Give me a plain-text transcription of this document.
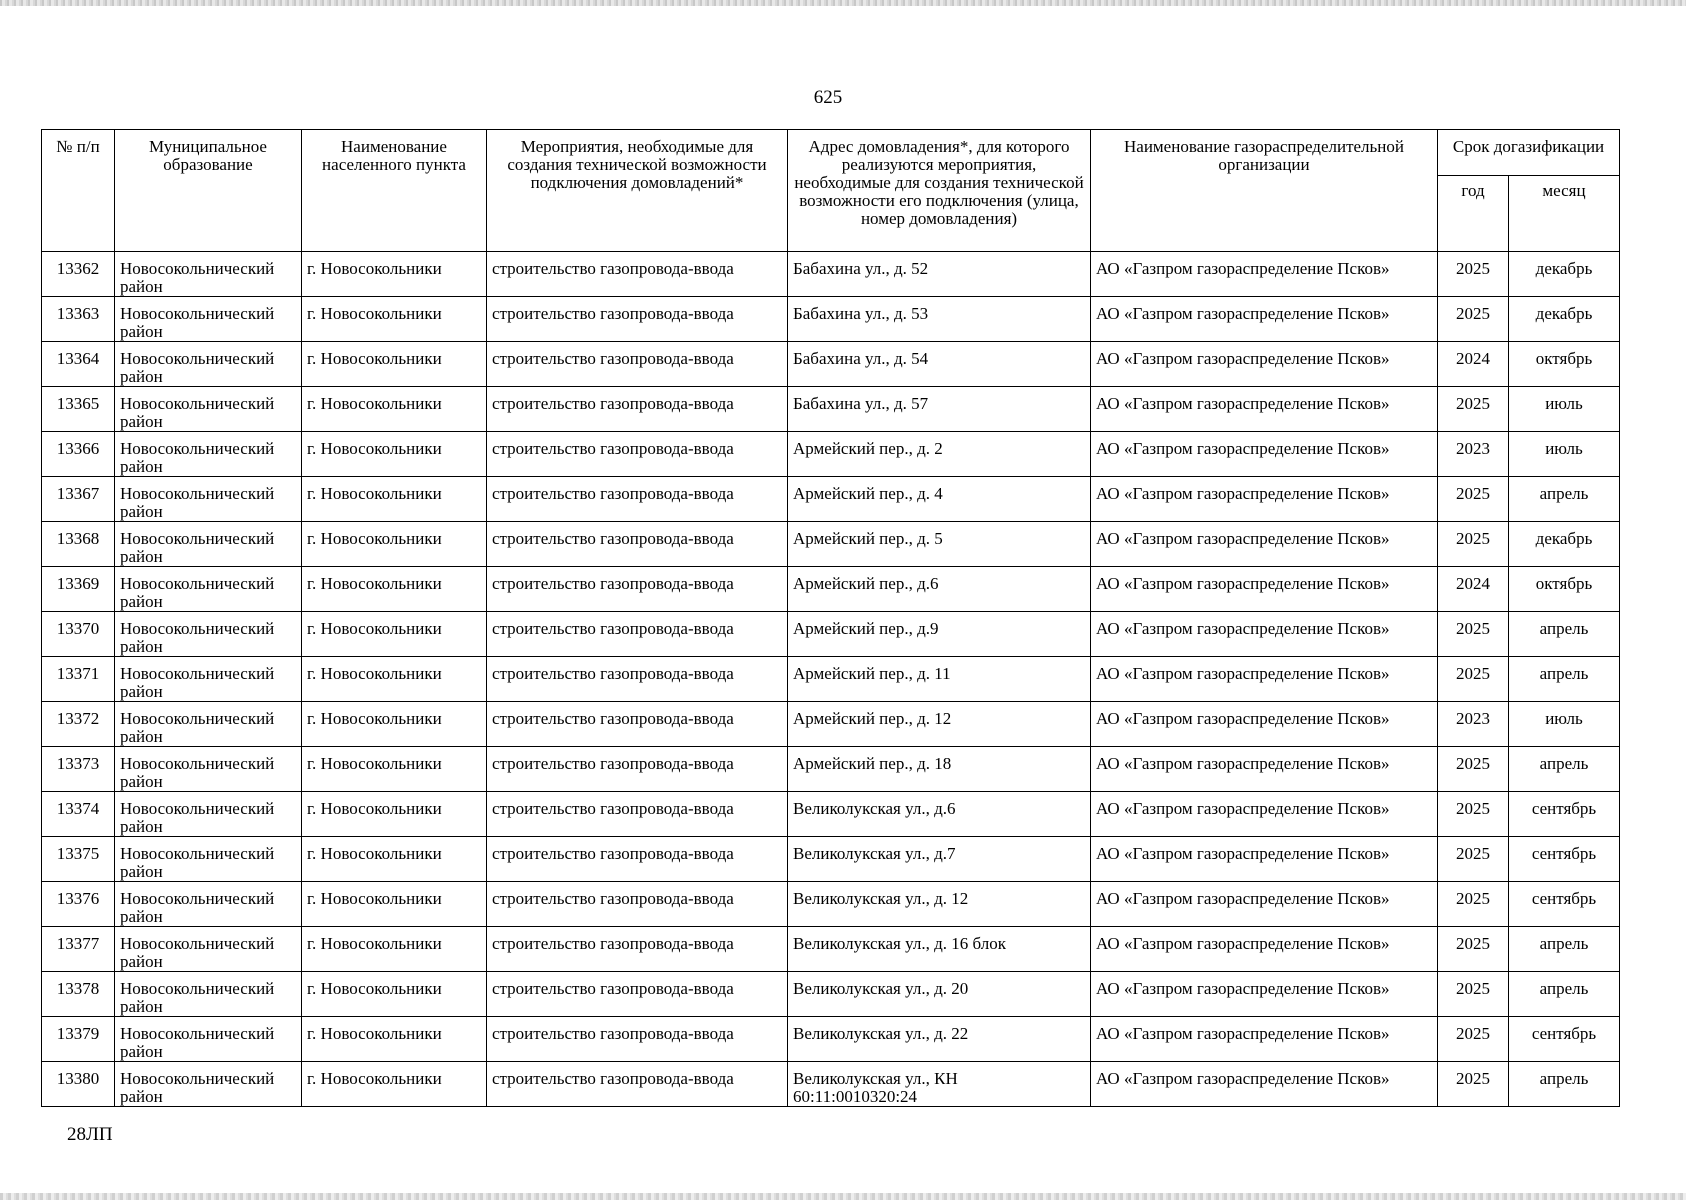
625
№ п/п	Муниципальное образование	Наименование населенного пункта	Мероприятия, необходимые для создания технической возможности подключения домовладений*	Адрес домовладения*, для которого реализуются мероприятия, необходимые для создания технической возможности его подключения (улица, номер домовладения)	Наименование газораспределительной организации	Срок догазификации	
						год	месяц
13362	Новосокольнический район	г. Новосокольники	строительство газопровода-ввода	Бабахина ул., д. 52	АО «Газпром газораспределение Псков»	2025	декабрь
13363	Новосокольнический район	г. Новосокольники	строительство газопровода-ввода	Бабахина ул., д. 53	АО «Газпром газораспределение Псков»	2025	декабрь
13364	Новосокольнический район	г. Новосокольники	строительство газопровода-ввода	Бабахина ул., д. 54	АО «Газпром газораспределение Псков»	2024	октябрь
13365	Новосокольнический район	г. Новосокольники	строительство газопровода-ввода	Бабахина ул., д. 57	АО «Газпром газораспределение Псков»	2025	июль
13366	Новосокольнический район	г. Новосокольники	строительство газопровода-ввода	Армейский пер., д. 2	АО «Газпром газораспределение Псков»	2023	июль
13367	Новосокольнический район	г. Новосокольники	строительство газопровода-ввода	Армейский пер., д. 4	АО «Газпром газораспределение Псков»	2025	апрель
13368	Новосокольнический район	г. Новосокольники	строительство газопровода-ввода	Армейский пер., д. 5	АО «Газпром газораспределение Псков»	2025	декабрь
13369	Новосокольнический район	г. Новосокольники	строительство газопровода-ввода	Армейский пер., д.6	АО «Газпром газораспределение Псков»	2024	октябрь
13370	Новосокольнический район	г. Новосокольники	строительство газопровода-ввода	Армейский пер., д.9	АО «Газпром газораспределение Псков»	2025	апрель
13371	Новосокольнический район	г. Новосокольники	строительство газопровода-ввода	Армейский пер., д. 11	АО «Газпром газораспределение Псков»	2025	апрель
13372	Новосокольнический район	г. Новосокольники	строительство газопровода-ввода	Армейский пер., д. 12	АО «Газпром газораспределение Псков»	2023	июль
13373	Новосокольнический район	г. Новосокольники	строительство газопровода-ввода	Армейский пер., д. 18	АО «Газпром газораспределение Псков»	2025	апрель
13374	Новосокольнический район	г. Новосокольники	строительство газопровода-ввода	Великолукская ул., д.6	АО «Газпром газораспределение Псков»	2025	сентябрь
13375	Новосокольнический район	г. Новосокольники	строительство газопровода-ввода	Великолукская ул., д.7	АО «Газпром газораспределение Псков»	2025	сентябрь
13376	Новосокольнический район	г. Новосокольники	строительство газопровода-ввода	Великолукская ул., д. 12	АО «Газпром газораспределение Псков»	2025	сентябрь
13377	Новосокольнический район	г. Новосокольники	строительство газопровода-ввода	Великолукская ул., д. 16 блок	АО «Газпром газораспределение Псков»	2025	апрель
13378	Новосокольнический район	г. Новосокольники	строительство газопровода-ввода	Великолукская ул., д. 20	АО «Газпром газораспределение Псков»	2025	апрель
13379	Новосокольнический район	г. Новосокольники	строительство газопровода-ввода	Великолукская ул., д. 22	АО «Газпром газораспределение Псков»	2025	сентябрь
13380	Новосокольнический район	г. Новосокольники	строительство газопровода-ввода	Великолукская ул., КН 60:11:0010320:24	АО «Газпром газораспределение Псков»	2025	апрель
28ЛП
